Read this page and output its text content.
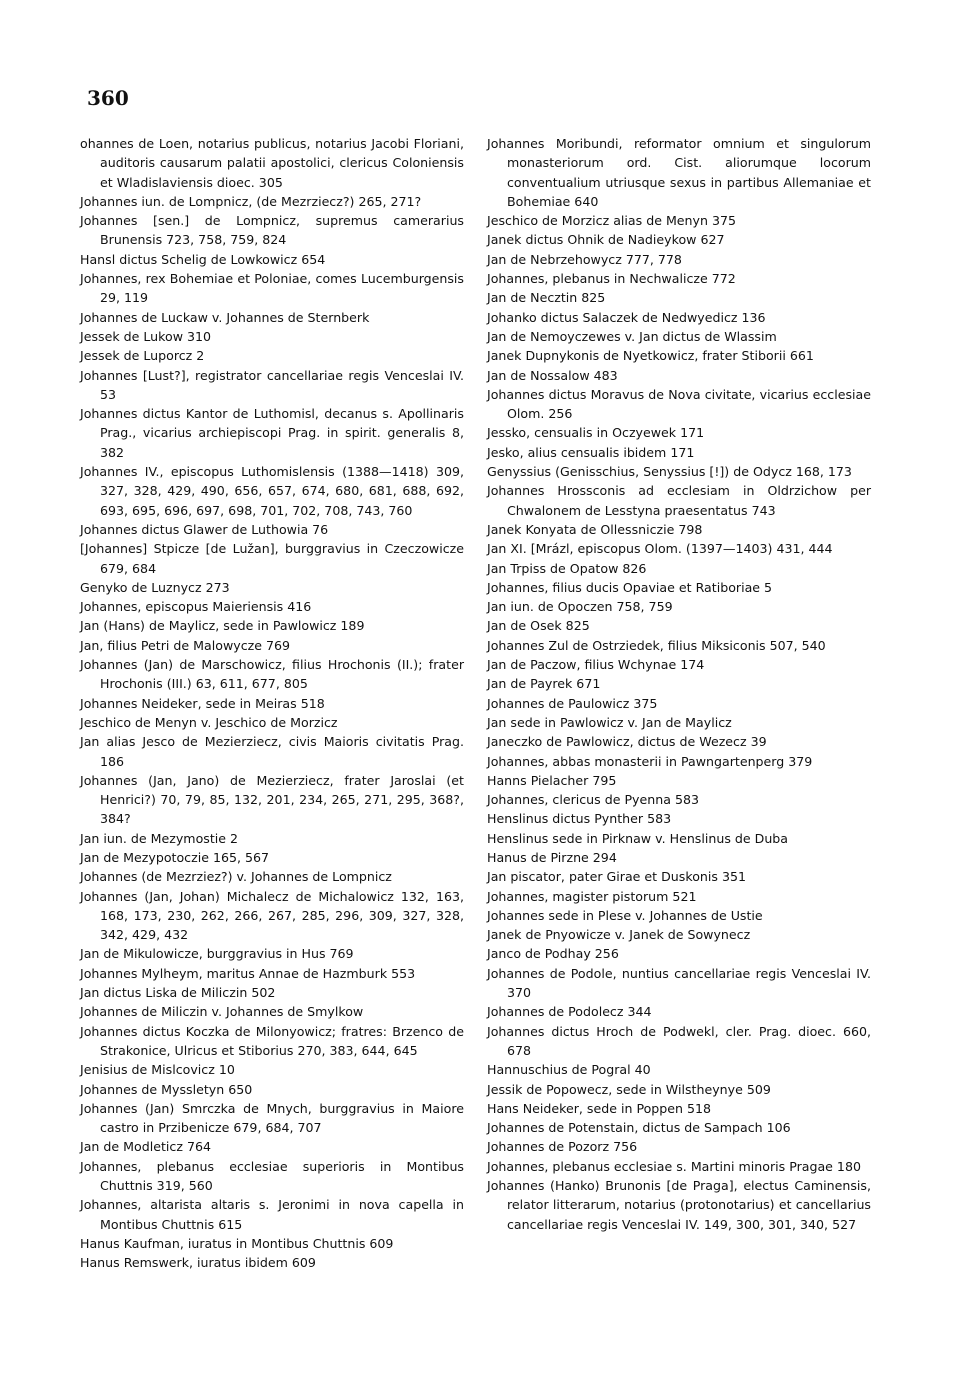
360
ohannes de Loen, notarius publicus, notarius Jacobi Floriani, auditoris causarum palatii apostolici, clericus Coloniensis et Wladislaviensis dioec. 305
Johannes iun. de Lompnicz, (de Mezrziecz?) 265, 271?
Johannes [sen.] de Lompnicz, supremus camerarius Brunensis 723, 758, 759, 824
Hansl dictus Schelig de Lowkowicz 654
Johannes, rex Bohemiae et Poloniae, comes Lucemburgensis 29, 119
Johannes de Luckaw v. Johannes de Sternberk
Jessek de Lukow 310
Jessek de Luporcz 2
Johannes [Lust?], registrator cancellariae regis Venceslai IV. 53
Johannes dictus Kantor de Luthomisl, decanus s. Apollinaris Prag., vicarius archiepiscopi Prag. in spirit. generalis 8, 382
Johannes IV., episcopus Luthomislensis (1388—1418) 309, 327, 328, 429, 490, 656, 657, 674, 680, 681, 688, 692, 693, 695, 696, 697, 698, 701, 702, 708, 743, 760
Johannes dictus Glawer de Luthowia 76
[Johannes] Stpicze [de Lužan], burggravius in Czeczowicze 679, 684
Genyko de Luznycz 273
Johannes, episcopus Maieriensis 416
Jan (Hans) de Maylicz, sede in Pawlowicz 189
Jan, filius Petri de Malowycze 769
Johannes (Jan) de Marschowicz, filius Hrochonis (II.); frater Hrochonis (III.) 63, 611, 677, 805
Johannes Neideker, sede in Meiras 518
Jeschico de Menyn v. Jeschico de Morzicz
Jan alias Jesco de Mezierziecz, civis Maioris civitatis Prag. 186
Johannes (Jan, Jano) de Mezierziecz, frater Jaroslai (et Henrici?) 70, 79, 85, 132, 201, 234, 265, 271, 295, 368?, 384?
Jan iun. de Mezymostie 2
Jan de Mezypotoczie 165, 567
Johannes (de Mezrziez?) v. Johannes de Lompnicz
Johannes (Jan, Johan) Michalecz de Michalowicz 132, 163, 168, 173, 230, 262, 266, 267, 285, 296, 309, 327, 328, 342, 429, 432
Jan de Mikulowicze, burggravius in Hus 769
Johannes Mylheym, maritus Annae de Hazmburk 553
Jan dictus Liska de Miliczin 502
Johannes de Miliczin v. Johannes de Smylkow
Johannes dictus Koczka de Milonyowicz; fratres: Brzenco de Strakonice, Ulricus et Stiborius 270, 383, 644, 645
Jenisius de Mislcovicz 10
Johannes de Myssletyn 650
Johannes (Jan) Smrczka de Mnych, burggravius in Maiore castro in Przibenicze 679, 684, 707
Jan de Modleticz 764
Johannes, plebanus ecclesiae superioris in Montibus Chuttnis 319, 560
Johannes, altarista altaris s. Jeronimi in nova capella in Montibus Chuttnis 615
Hanus Kaufman, iuratus in Montibus Chuttnis 609
Hanus Remswerk, iuratus ibidem 609
Johannes Moribundi, reformator omnium et singulorum monasteriorum ord. Cist. aliorumque locorum conventualium utriusque sexus in partibus Allemaniae et Bohemiae 640
Jeschico de Morzicz alias de Menyn 375
Janek dictus Ohnik de Nadieykow 627
Jan de Nebrzehowycz 777, 778
Johannes, plebanus in Nechwalicze 772
Jan de Necztin 825
Johanko dictus Salaczek de Nedwyedicz 136
Jan de Nemoyczewes v. Jan dictus de Wlassim
Janek Dupnykonis de Nyetkowicz, frater Stiborii 661
Jan de Nossalow 483
Johannes dictus Moravus de Nova civitate, vicarius ecclesiae Olom. 256
Jessko, censualis in Oczyewek 171
Jesko, alius censualis ibidem 171
Genyssius (Genisschius, Senyssius [!]) de Odycz 168, 173
Johannes Hrossconis ad ecclesiam in Oldrzichow per Chwalonem de Lesstyna praesentatus 743
Janek Konyata de Ollessniczie 798
Jan XI. [Mrázl, episcopus Olom. (1397—1403) 431, 444
Jan Trpiss de Opatow 826
Johannes, filius ducis Opaviae et Ratiboriae 5
Jan iun. de Opoczen 758, 759
Jan de Osek 825
Johannes Zul de Ostrziedek, filius Miksiconis 507, 540
Jan de Paczow, filius Wchynae 174
Jan de Payrek 671
Johannes de Paulowicz 375
Jan sede in Pawlowicz v. Jan de Maylicz
Janeczko de Pawlowicz, dictus de Wezecz 39
Johannes, abbas monasterii in Pawngartenperg 379
Hanns Pielacher 795
Johannes, clericus de Pyenna 583
Henslinus dictus Pynther 583
Henslinus sede in Pirknaw v. Henslinus de Duba
Hanus de Pirzne 294
Jan piscator, pater Girae et Duskonis 351
Johannes, magister pistorum 521
Johannes sede in Plese v. Johannes de Ustie
Janek de Pnyowicze v. Janek de Sowynecz
Janco de Podhay 256
Johannes de Podole, nuntius cancellariae regis Venceslai IV. 370
Johannes de Podolecz 344
Johannes dictus Hroch de Podwekl, cler. Prag. dioec. 660, 678
Hannuschius de Pogral 40
Jessik de Popowecz, sede in Wilstheynye 509
Hans Neideker, sede in Poppen 518
Johannes de Potenstain, dictus de Sampach 106
Johannes de Pozorz 756
Johannes, plebanus ecclesiae s. Martini minoris Pragae 180
Johannes (Hanko) Brunonis [de Praga], electus Caminensis, relator litterarum, notarius (protonotarius) et cancellarius cancellariae regis Venceslai IV. 149, 300, 301, 340, 527
